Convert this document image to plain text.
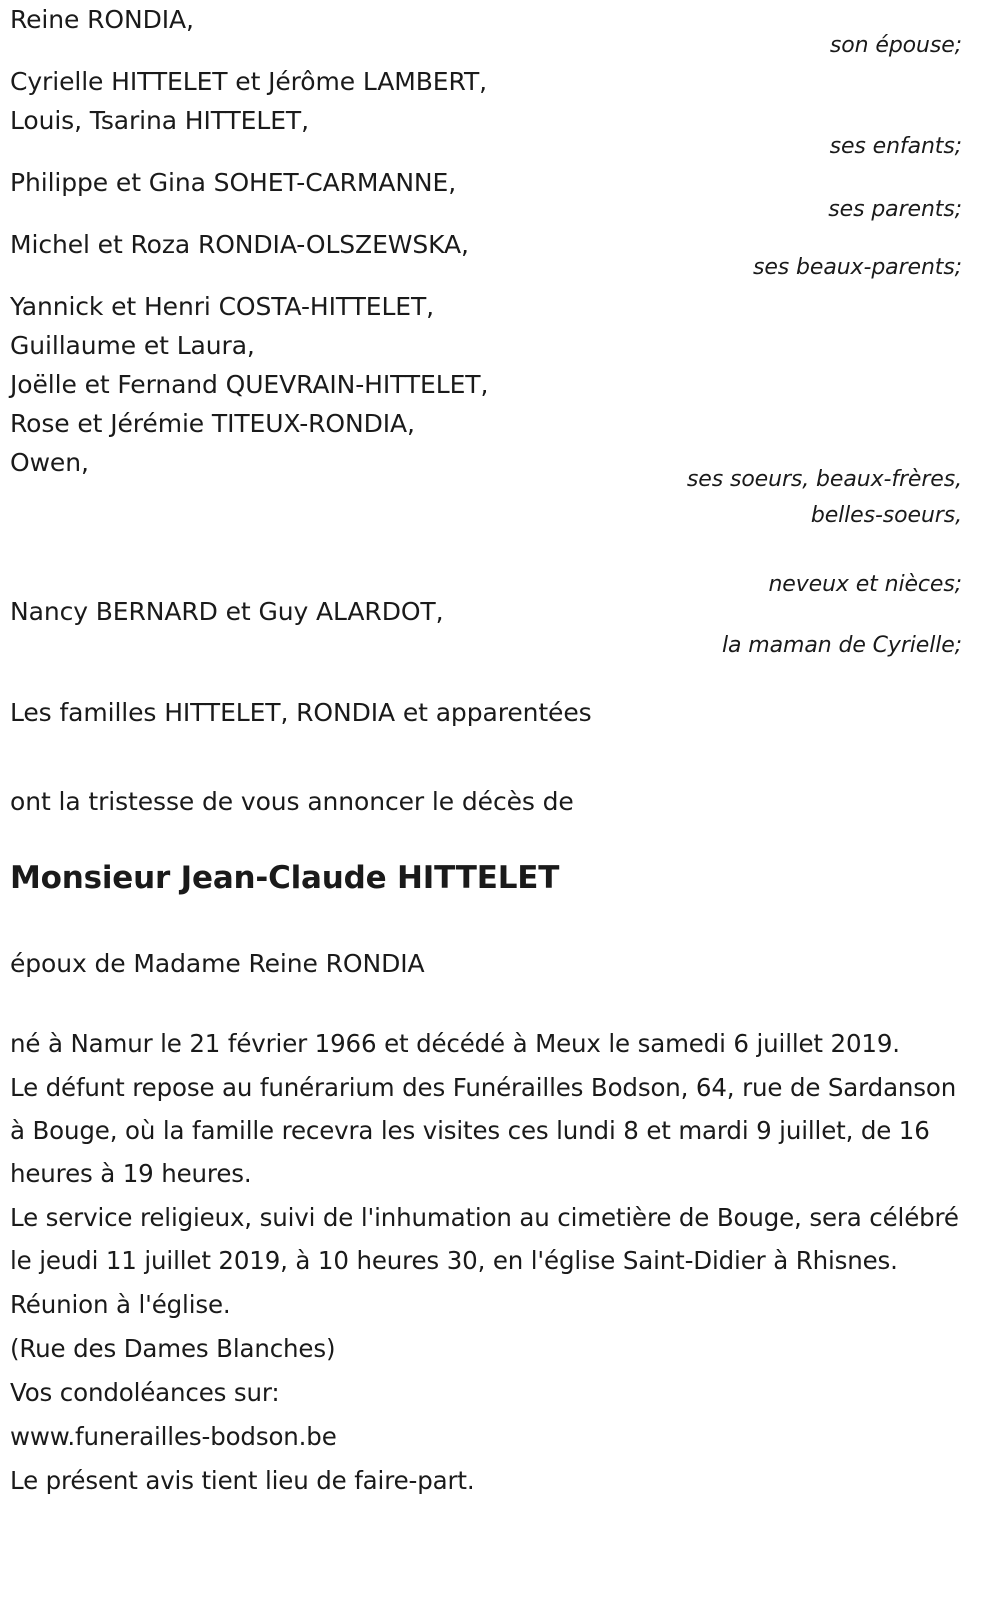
Reine RONDIA,
Cyrielle HITTELET et Jérôme LAMBERT,
Louis, Tsarina HITTELET,
Philippe et Gina SOHET-CARMANNE,
Michel et Roza RONDIA-OLSZEWSKA,
Yannick et Henri COSTA-HITTELET,
Guillaume et Laura,
Joëlle et Fernand QUEVRAIN-HITTELET,
Rose et Jérémie TITEUX-RONDIA,
Owen,
Nancy BERNARD et Guy ALARDOT,
Les familles HITTELET, RONDIA et apparentées
son épouse;
ses enfants;
ses parents;
ses beaux-parents;
ses soeurs, beaux-frères, belles-soeurs,
neveux et nièces;
la maman de Cyrielle;
ont la tristesse de vous annoncer le décès de
Monsieur Jean-Claude HITTELET
époux de Madame Reine RONDIA

né à Namur le 21 février 1966 et décédé à Meux le samedi 6 juillet 2019.

Le défunt repose au funérarium des Funérailles Bodson, 64, rue de Sardanson à Bouge, où la famille recevra les visites ces lundi 8 et mardi 9 juillet, de 16 heures à 19 heures.

Le service religieux, suivi de l'inhumation au cimetière de Bouge, sera célébré le jeudi 11 juillet 2019, à 10 heures 30, en l'église Saint-Didier à Rhisnes.

Réunion à l'église.

(Rue des Dames Blanches)

Vos condoléances sur:

www.funerailles-bodson.be

Le présent avis tient lieu de faire-part.
